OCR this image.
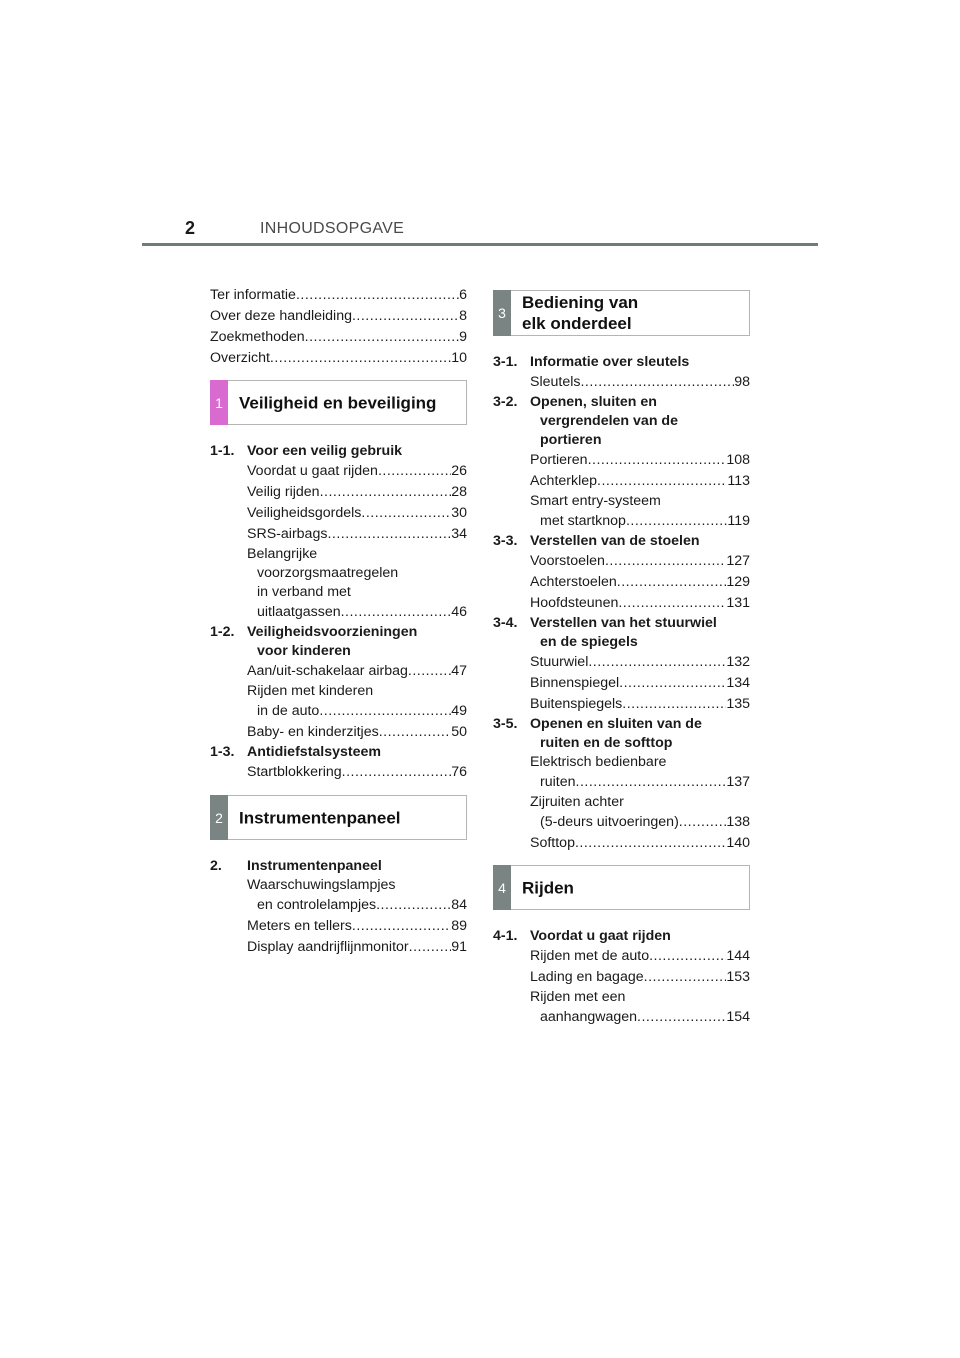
2	INHOUDSOPGAVE
Ter informatie .....	6
Over deze handleiding .....	8
Zoekmethoden .....	9
Overzicht .....	10
1 Veiligheid en beveiliging
1-1. Voor een veilig gebruik
Voordat u gaat rijden .....	26
Veilig rijden .....	28
Veiligheidsgordels .....	30
SRS-airbags .....	34
Belangrijke
voorzorgsmaatregelen
in verband met
uitlaatgassen .....	46
1-2. Veiligheidsvoorzieningen
voor kinderen
Aan/uit-schakelaar airbag .....	47
Rijden met kinderen
in de auto .....	49
Baby- en kinderzitjes .....	50
1-3. Antidiefstalsysteem
Startblokkering .....	76
2 Instrumentenpaneel
2.	Instrumentenpaneel
Waarschuwingslampjes
en controlelampjes .....	84
Meters en tellers .....	89
Display aandrijflijnmonitor .....	91
3
Bediening van
elk onderdeel
3-1. Informatie over sleutels
Sleutels .....	98
3-2. Openen, sluiten en
vergrendelen van de
portieren
Portieren .....	108
Achterklep .....	113
Smart entry-systeem
met startknop .....	119
3-3. Verstellen van de stoelen
Voorstoelen .....	127
Achterstoelen .....	129
Hoofdsteunen .....	131
3-4. Verstellen van het stuurwiel
en de spiegels
Stuurwiel .....	132
Binnenspiegel .....	134
Buitenspiegels .....	135
3-5. Openen en sluiten van de
ruiten en de softtop
Elektrisch bedienbare
ruiten .....	137
Zijruiten achter
(5-deurs uitvoeringen) .....	138
Softtop .....	140
4 Rijden
4-1. Voordat u gaat rijden
Rijden met de auto .....	144
Lading en bagage .....	153
Rijden met een
aanhangwagen .....	154
